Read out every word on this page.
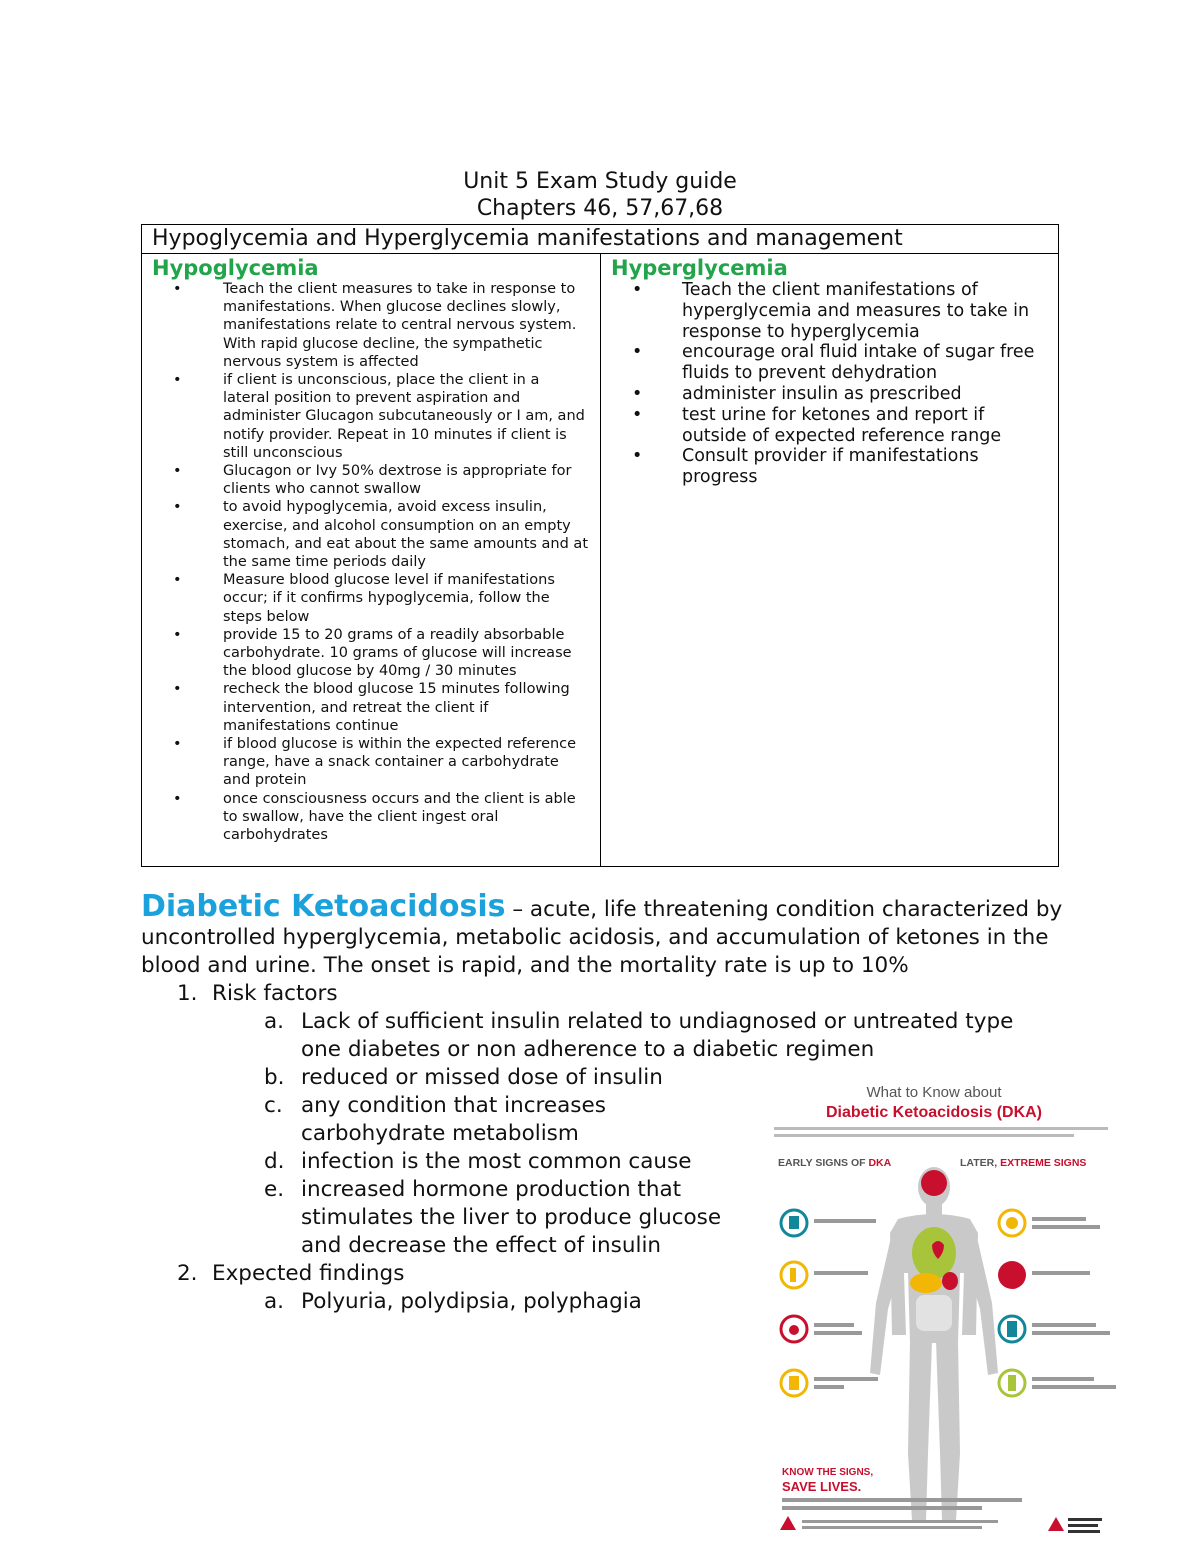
Unit 5 Exam Study guide
Chapters 46, 57,67,68
Hypoglycemia and Hyperglycemia manifestations and management
Hypoglycemia
• Teach the client measures to take in response to manifestations. When glucose declines slowly, manifestations relate to central nervous system. With rapid glucose decline, the sympathetic nervous system is affected
• if client is unconscious, place the client in a lateral position to prevent aspiration and administer Glucagon subcutaneously or I am, and notify provider. Repeat in 10 minutes if client is still unconscious
• Glucagon or Ivy 50% dextrose is appropriate for clients who cannot swallow
• to avoid hypoglycemia, avoid excess insulin, exercise, and alcohol consumption on an empty stomach, and eat about the same amounts and at the same time periods daily
• Measure blood glucose level if manifestations occur; if it confirms hypoglycemia, follow the steps below
• provide 15 to 20 grams of a readily absorbable carbohydrate. 10 grams of glucose will increase the blood glucose by 40mg / 30 minutes
• recheck the blood glucose 15 minutes following intervention, and retreat the client if manifestations continue
• if blood glucose is within the expected reference range, have a snack container a carbohydrate and protein
• once consciousness occurs and the client is able to swallow, have the client ingest oral carbohydrates
Hyperglycemia
• Teach the client manifestations of hyperglycemia and measures to take in response to hyperglycemia
• encourage oral fluid intake of sugar free fluids to prevent dehydration
• administer insulin as prescribed
• test urine for ketones and report if outside of expected reference range
• Consult provider if manifestations progress
Diabetic Ketoacidosis – acute, life threatening condition characterized by uncontrolled hyperglycemia, metabolic acidosis, and accumulation of ketones in the blood and urine. The onset is rapid, and the mortality rate is up to 10%
1. Risk factors
a. Lack of sufficient insulin related to undiagnosed or untreated type one diabetes or non adherence to a diabetic regimen
b. reduced or missed dose of insulin
c. any condition that increases carbohydrate metabolism
d. infection is the most common cause
e. increased hormone production that stimulates the liver to produce glucose and decrease the effect of insulin
2. Expected findings
a. Polyuria, polydipsia, polyphagia
What to Know about
Diabetic Ketoacidosis (DKA)
EARLY SIGNS OF DKA	LATER, EXTREME SIGNS
KNOW THE SIGNS,
SAVE LIVES.
